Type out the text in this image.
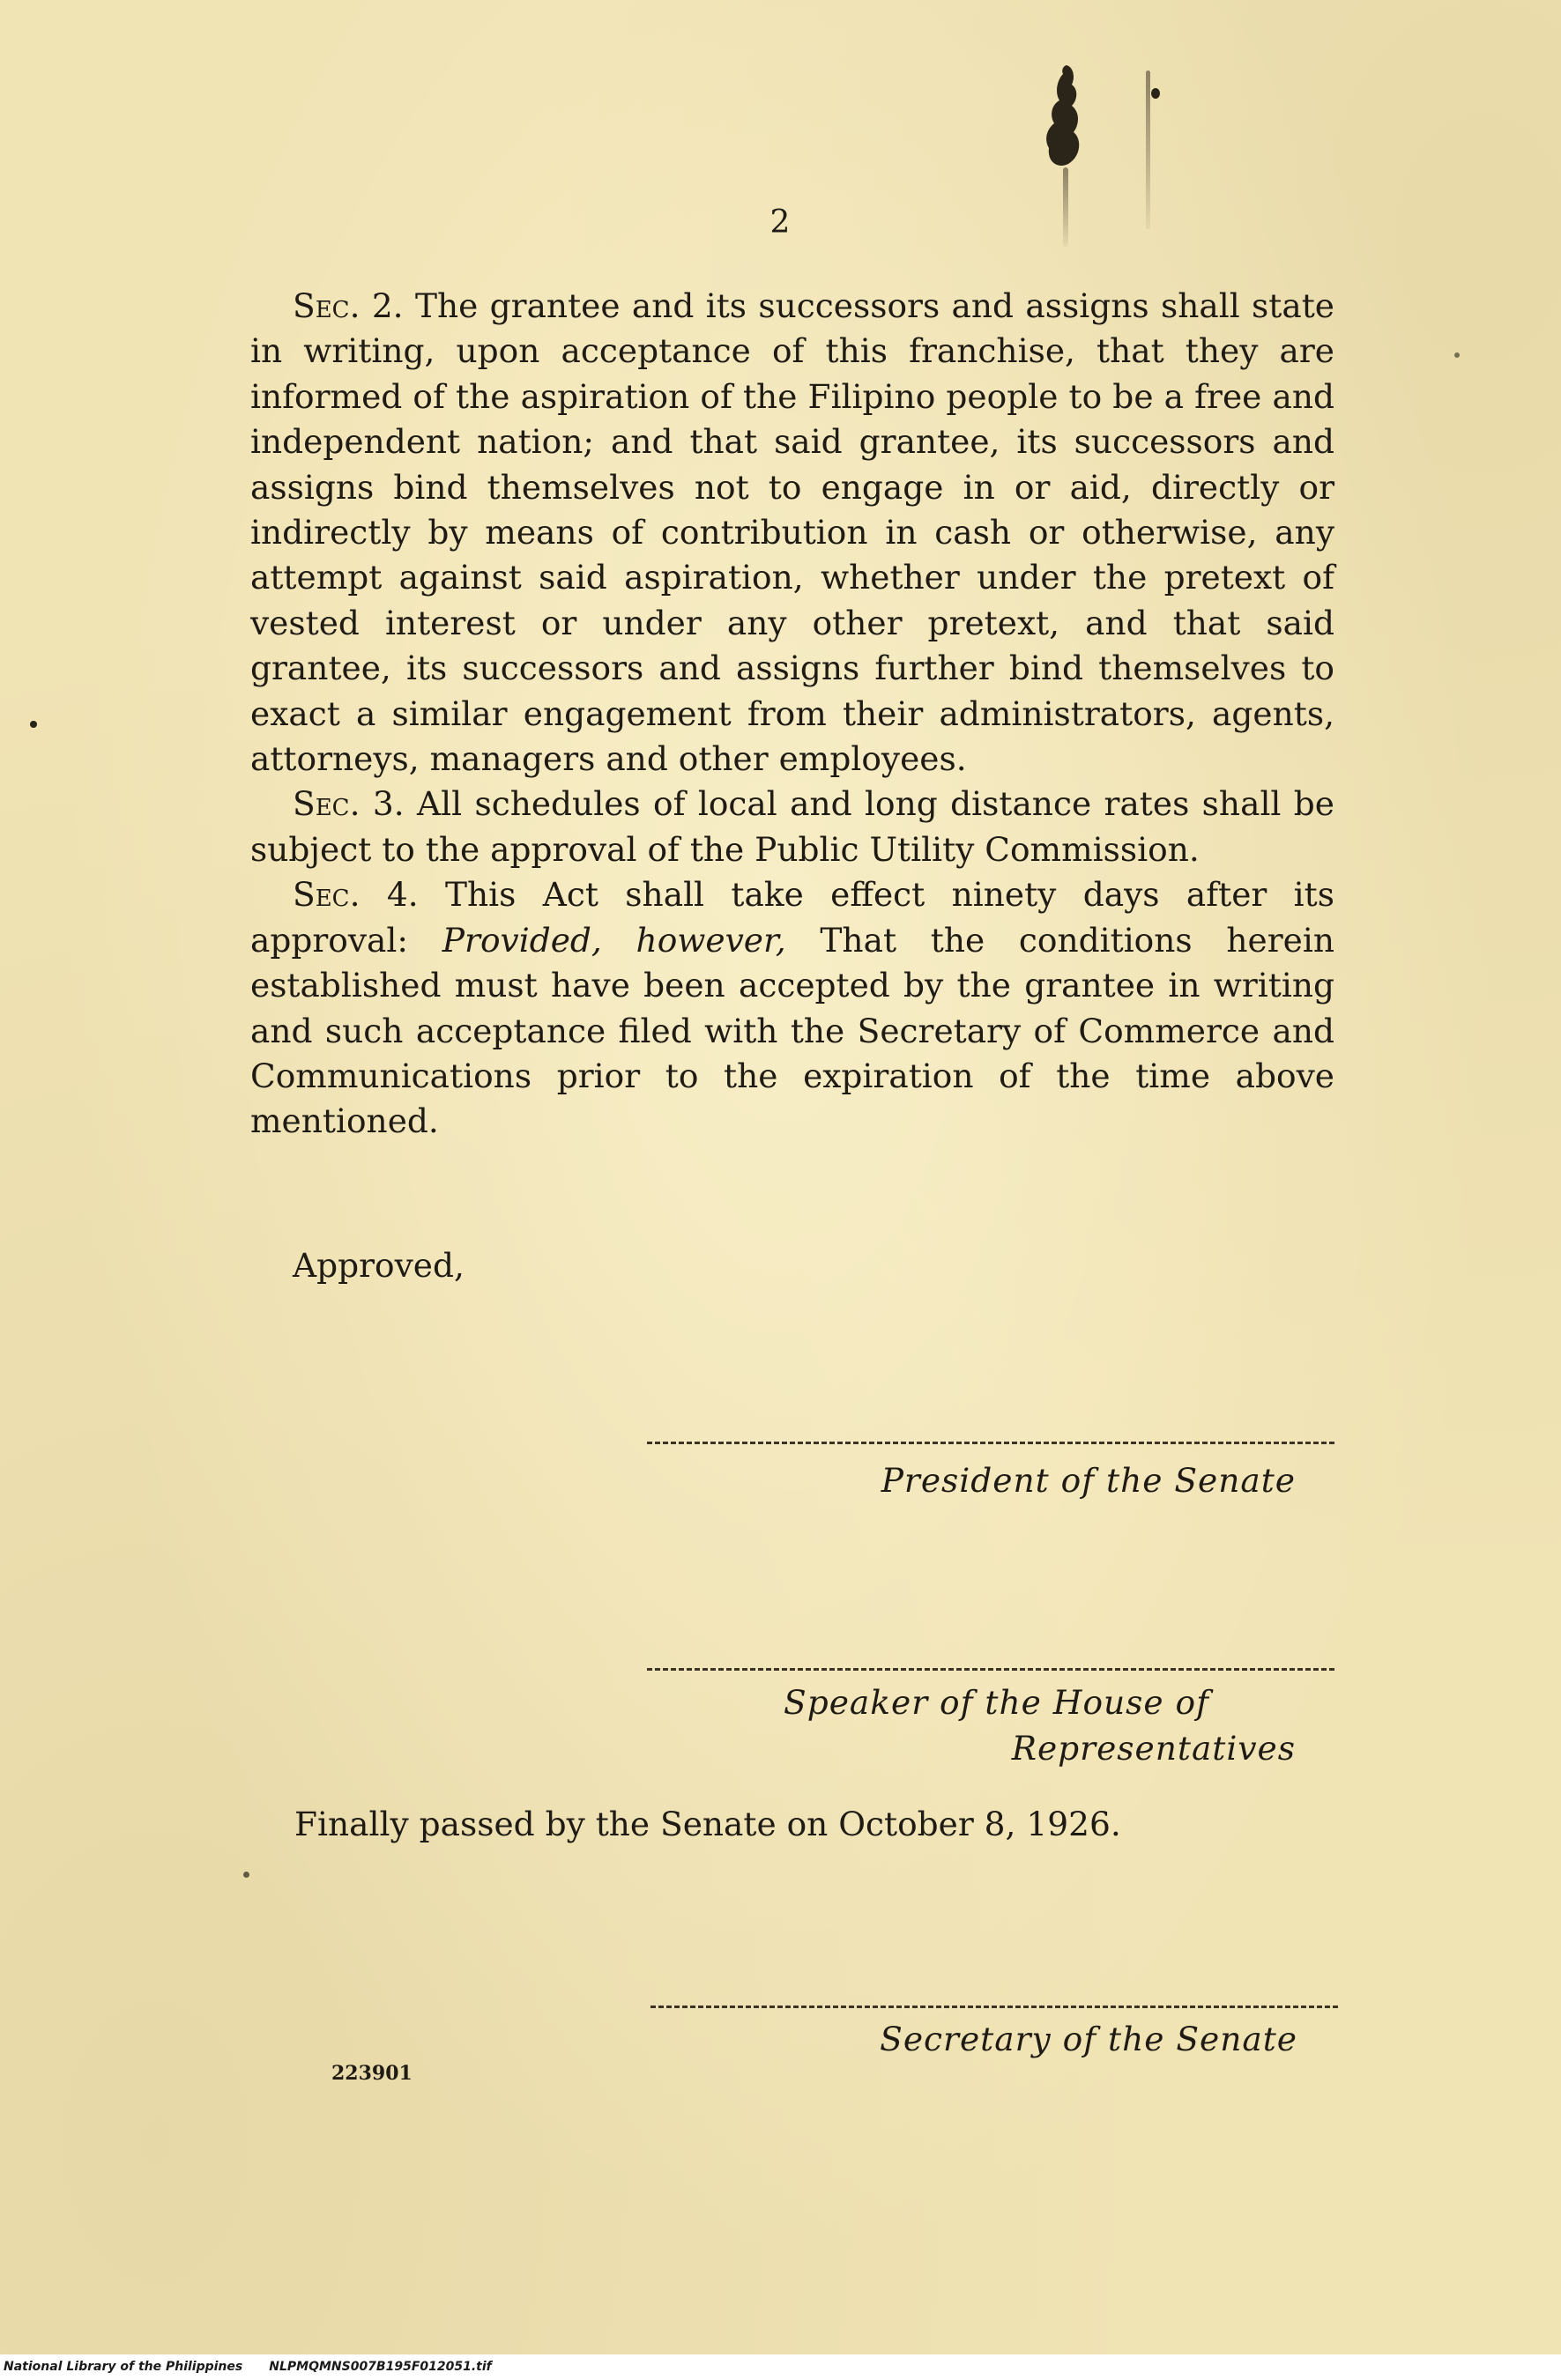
2

Sec. 2. The grantee and its successors and assigns shall state in writing, upon acceptance of this franchise, that they are informed of the aspiration of the Filipino people to be a free and independent nation; and that said grantee, its successors and assigns bind themselves not to engage in or aid, directly or indirectly by means of contribution in cash or otherwise, any attempt against said aspiration, whether under the pretext of vested interest or under any other pretext, and that said grantee, its successors and assigns further bind themselves to exact a similar engagement from their administrators, agents, attorneys, managers and other employees.

Sec. 3. All schedules of local and long distance rates shall be subject to the approval of the Public Utility Commission.

Sec. 4. This Act shall take effect ninety days after its approval: Provided, however, That the conditions herein established must have been accepted by the grantee in writing and such acceptance filed with the Secretary of Commerce and Communications prior to the expiration of the time above mentioned.

Approved,
President of the Senate
Speaker of the House of
Representatives
Finally passed by the Senate on October 8, 1926.
Secretary of the Senate
223901
National Library of the Philippines NLPMQMNS007B195F012051.tif
